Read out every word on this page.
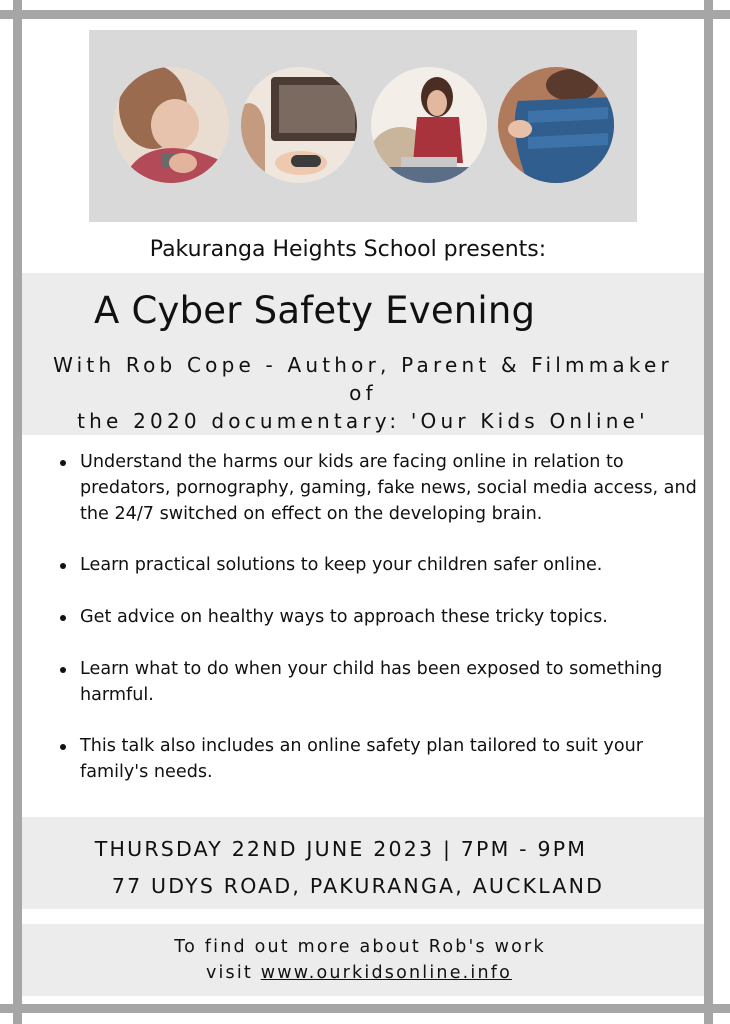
Pakuranga Heights School presents:
A Cyber Safety Evening
With Rob Cope - Author, Parent & Filmmaker
of
the 2020 documentary: 'Our Kids Online'
Understand the harms our kids are facing online in relation to predators, pornography, gaming, fake news, social media access, and the 24/7 switched on effect on the developing brain.
Learn practical solutions to keep your children safer online.
Get advice on healthy ways to approach these tricky topics.
Learn what to do when your child has been exposed to something harmful.
This talk also includes an online safety plan tailored to suit your family's needs.
THURSDAY 22ND JUNE 2023 | 7PM - 9PM
77 UDYS ROAD, PAKURANGA, AUCKLAND
To find out more about Rob's work
visit www.ourkidsonline.info
